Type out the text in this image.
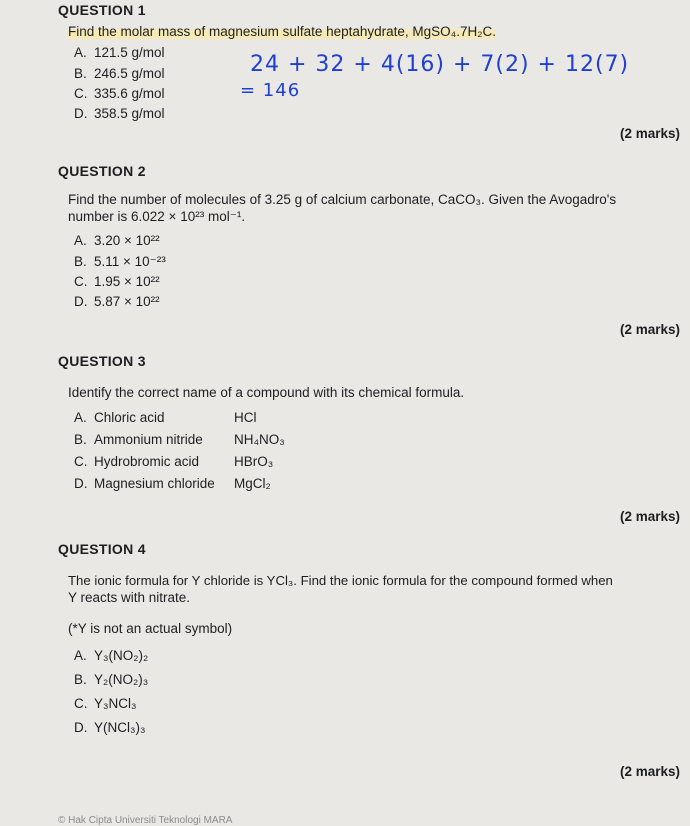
QUESTION 1
Find the molar mass of magnesium sulfate heptahydrate, MgSO₄.7H₂C.
A. 121.5 g/mol
B. 246.5 g/mol
C. 335.6 g/mol
D. 358.5 g/mol
24 + 32 + 4(16) + 7(2) + 12(7)
= 146
(2 marks)
QUESTION 2
Find the number of molecules of 3.25 g of calcium carbonate, CaCO₃. Given the Avogadro's
number is 6.022 × 10²³ mol⁻¹.
A. 3.20 × 10²²
B. 5.11 × 10⁻²³
C. 1.95 × 10²²
D. 5.87 × 10²²
(2 marks)
QUESTION 3
Identify the correct name of a compound with its chemical formula.
A. Chloric acid	HCl
B. Ammonium nitride NH₄NO₃
C. Hydrobromic acid	HBrO₃
D. Magnesium chloride MgCl₂
(2 marks)
QUESTION 4
The ionic formula for Y chloride is YCl₃. Find the ionic formula for the compound formed when
Y reacts with nitrate.
(*Y is not an actual symbol)
A. Y₃(NO₂)₂
B. Y₂(NO₂)₃
C. Y₃NCl₃
D. Y(NCl₃)₃
(2 marks)
© Hak Cipta Universiti Teknologi MARA
